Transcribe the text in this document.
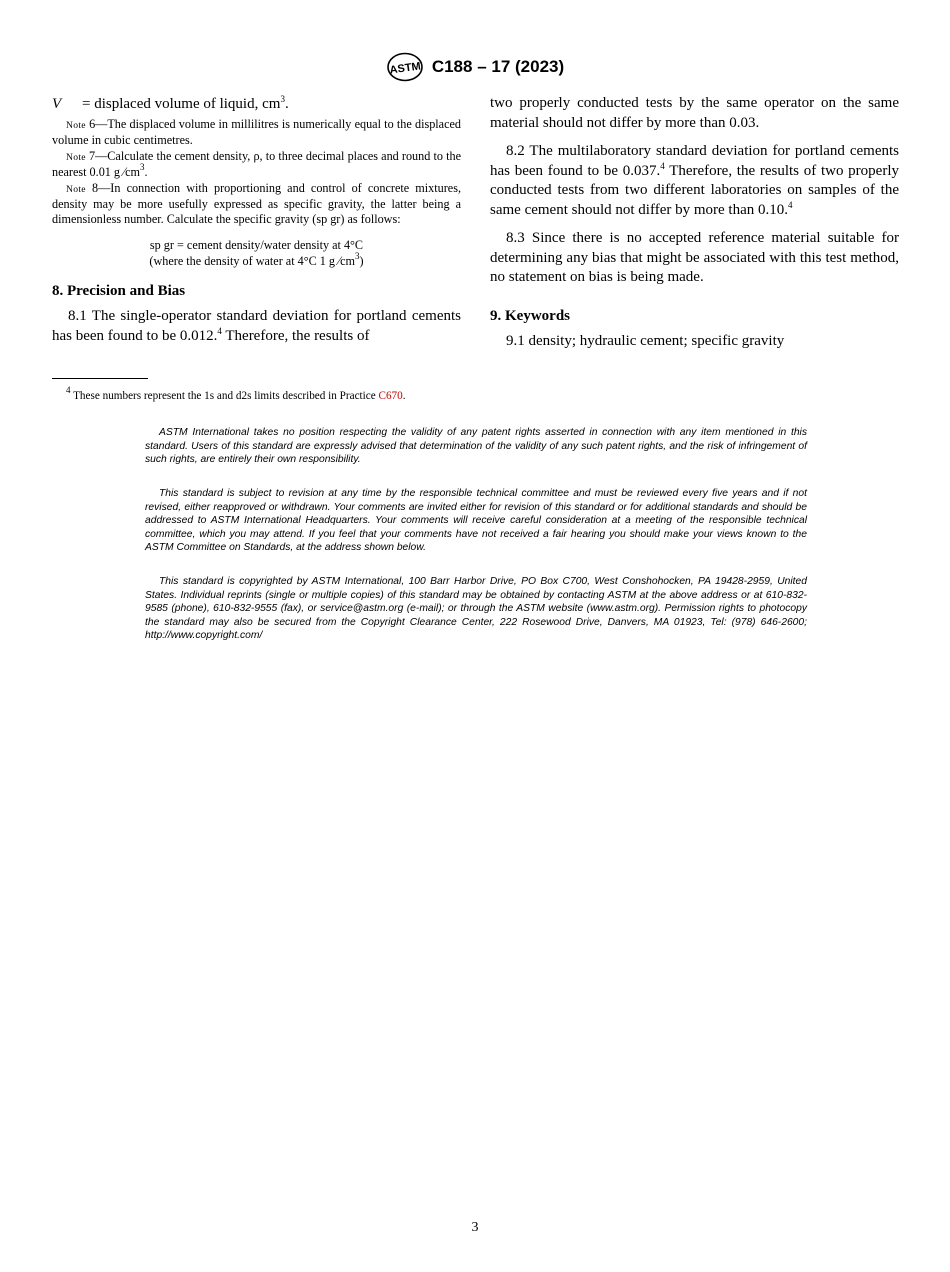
ASTM C188 – 17 (2023)

V = displaced volume of liquid, $cm^3$.

Note 6—The displaced volume in millilitres is numerically equal to the displaced volume in cubic centimetres.

Note 7—Calculate the cement density, ρ, to three decimal places and round to the nearest 0.01 g $⁄cm^3$.

Note 8—In connection with proportioning and control of concrete mixtures, density may be more usefully expressed as specific gravity, the latter being a dimensionless number. Calculate the specific gravity (sp gr) as follows:

sp gr = cement density/water density at 4°C
(where the density of water at 4°C 1 g $⁄cm^3$)

8. Precision and Bias

8.1 The single-operator standard deviation for portland cements has been found to be 0.012.$^4$ Therefore, the results of

two properly conducted tests by the same operator on the same material should not differ by more than 0.03.

8.2 The multilaboratory standard deviation for portland cements has been found to be 0.037.$^4$ Therefore, the results of two properly conducted tests from two different laboratories on samples of the same cement should not differ by more than 0.10.$^4$

8.3 Since there is no accepted reference material suitable for determining any bias that might be associated with this test method, no statement on bias is being made.

9. Keywords

9.1 density; hydraulic cement; specific gravity

$^4$ These numbers represent the 1s and d2s limits described in Practice C670.

ASTM International takes no position respecting the validity of any patent rights asserted in connection with any item mentioned in this standard. Users of this standard are expressly advised that determination of the validity of any such patent rights, and the risk of infringement of such rights, are entirely their own responsibility.

This standard is subject to revision at any time by the responsible technical committee and must be reviewed every five years and if not revised, either reapproved or withdrawn. Your comments are invited either for revision of this standard or for additional standards and should be addressed to ASTM International Headquarters. Your comments will receive careful consideration at a meeting of the responsible technical committee, which you may attend. If you feel that your comments have not received a fair hearing you should make your views known to the ASTM Committee on Standards, at the address shown below.

This standard is copyrighted by ASTM International, 100 Barr Harbor Drive, PO Box C700, West Conshohocken, PA 19428-2959, United States. Individual reprints (single or multiple copies) of this standard may be obtained by contacting ASTM at the above address or at 610-832-9585 (phone), 610-832-9555 (fax), or service@astm.org (e-mail); or through the ASTM website (www.astm.org). Permission rights to photocopy the standard may also be secured from the Copyright Clearance Center, 222 Rosewood Drive, Danvers, MA 01923, Tel: (978) 646-2600; http://www.copyright.com/

3
